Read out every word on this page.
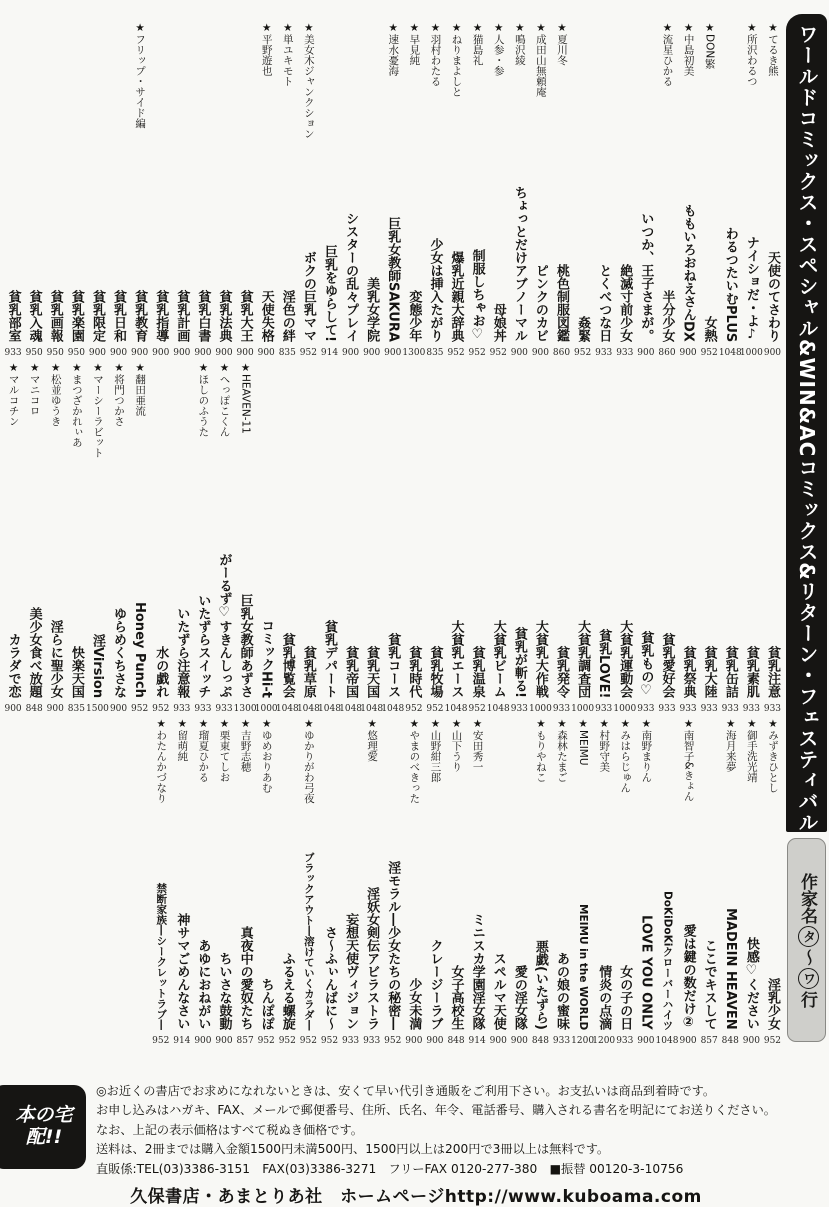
★てるき熊
天使のてさわり
900
★所沢わるつ
ナイショだ・よ♪
1000
わるつたいむPLUS
1048
★DON繁
女熱
952
★中島初美
ももいろおねえさんDX
900
★流星ひかる
半分少女
860
いつか、王子さまが。
900
絶滅寸前少女
933
とくべつな日
933
姦緊
952
★夏川冬
桃色制服図鑑
860
★成田山無頼庵
ピンクのカビ
900
★鳴沢綾
ちょっとだけアブノーマル
900
★人参・参
母娘丼
952
★猫島礼
制服しちゃお♡
952
★ねりまよしと
爆乳近親大辞典
952
★羽村わたる
少女は挿入たがり
835
★早見純
変態少年
1300
★速水憂海
巨乳女教師SAKURA
900
美乳女学院
900
シスターの乱々プレイ
900
巨乳をゆらして!
914
★美女木ジャンクション
ボクの巨乳ママ
952
★単ユキモト
淫色の絆
835
★平野遊也
天使失格
900
貧乳大王
900
★HEAVEN-11
貧乳法典
900
★へっぽこくん
貧乳白書
900
★ほしのふうた
貧乳計画
900
貧乳指導
900
★フリップ・サイド編
貧乳教育
900
★翻田亜流
貧乳日和
900
★将門つかさ
貧乳限定
900
★マーシーラビット
貧乳楽園
950
★まつざかれぃあ
貧乳画報
950
★松並ゆうき
貧乳入魂
950
★マニコロ
貧乳部室
933
★マルコチン
貧乳注意
933
★みずきひとし
貧乳素肌
933
★御手洗光靖
貧乳缶詰
933
★海月来夢
貧乳大陸
933
貧乳祭典
933
★南智子&きょん
貧乳愛好会
933
貧乳もの♡
933
★南野まりん
大貧乳運動会
1000
★みはらじゅん
貧乳LOVE!
933
★村野守美
大貧乳調査団
1000
★MEIMU
貧乳発令
933
★森林たまご
大貧乳大作戦
1000
★もりやねこ
貧乳が斬る!
933
大貧乳ビーム
1048
貧乳温泉
952
★安田秀一
大貧乳エース
1048
★山下うり
貧乳牧場
952
★山野紺三郎
貧乳時代
952
★やまのべきった
貧乳コース
1048
貧乳天国
1048
★悠理愛
貧乳帝国
1048
貧乳デパート
1048
貧乳草原
1048
★ゆかりがわ弓夜
貧乳博覧会
1048
コミックHi-t
1000
★ゆめおりあむ
巨乳女教師あずさ
1300
★吉野志穂
がーるず♡すきんしっぷ
933
★栗東てしお
いたずらスイッチ
933
★瑠夏ひかる
いたずら注意報
933
★留萌純
水の戯れ
952
★わたんかづなり
Honey Punch
952
ゆらめくちさな
900
淫Virsion
1500
快楽天国
835
淫らに聖少女
900
美少女食べ放題
848
カラダで恋
900
淫乳少女
952
快感♡ください
900
MADEIN HEAVEN
848
ここでキスして
857
愛は鍵の数だけ②
900
DoKiDoKiクローバーハイツ
1048
LOVE YOU ONLY
900
女の子の日
933
情炎の点滴
1200
MEIMU in the WORLD
1200
あの娘の蜜味
933
悪戯(いたずら)
848
愛の淫女隊
900
スペルマ天使
900
ミニスカ学園淫女隊
914
女子高校生
848
クレージーラブ
900
少女未満
900
淫モラル―少女たちの秘密―
952
淫妖女剣伝アビラストラ
933
妄想天使ヴィジョン
933
さ〜ふぃんばに〜
952
ブラックアウト―溶けていくカラダ―
952
ふるえる螺旋
952
ちんぽぽ
952
真夜中の愛奴たち
857
ちいさな鼓動
900
あゆにおねがい
900
神サマごめんなさい
914
禁断家族―シークレットラブ―
952
ワールドコミックス・スペシャル&WIN&ACコミックス&リターン・フェスティバル
作家名タ〜ワ行
本の宅配!!
◎お近くの書店でお求めになれないときは、安くて早い代引き通販をご利用下さい。お支払いは商品到着時です。
お申し込みはハガキ、FAX、メールで郵便番号、住所、氏名、年令、電話番号、購入される書名を明記にてお送りください。
なお、上記の表示価格はすべて税ぬき価格です。
送料は、2冊までは購入金額1500円未満500円、1500円以上は200円で3冊以上は無料です。
直販係:TEL(03)3386-3151　FAX(03)3386-3271　フリーFAX 0120-277-380　■振替 00120-3-10756
久保書店・あまとりあ社　ホームページhttp://www.kuboama.com
